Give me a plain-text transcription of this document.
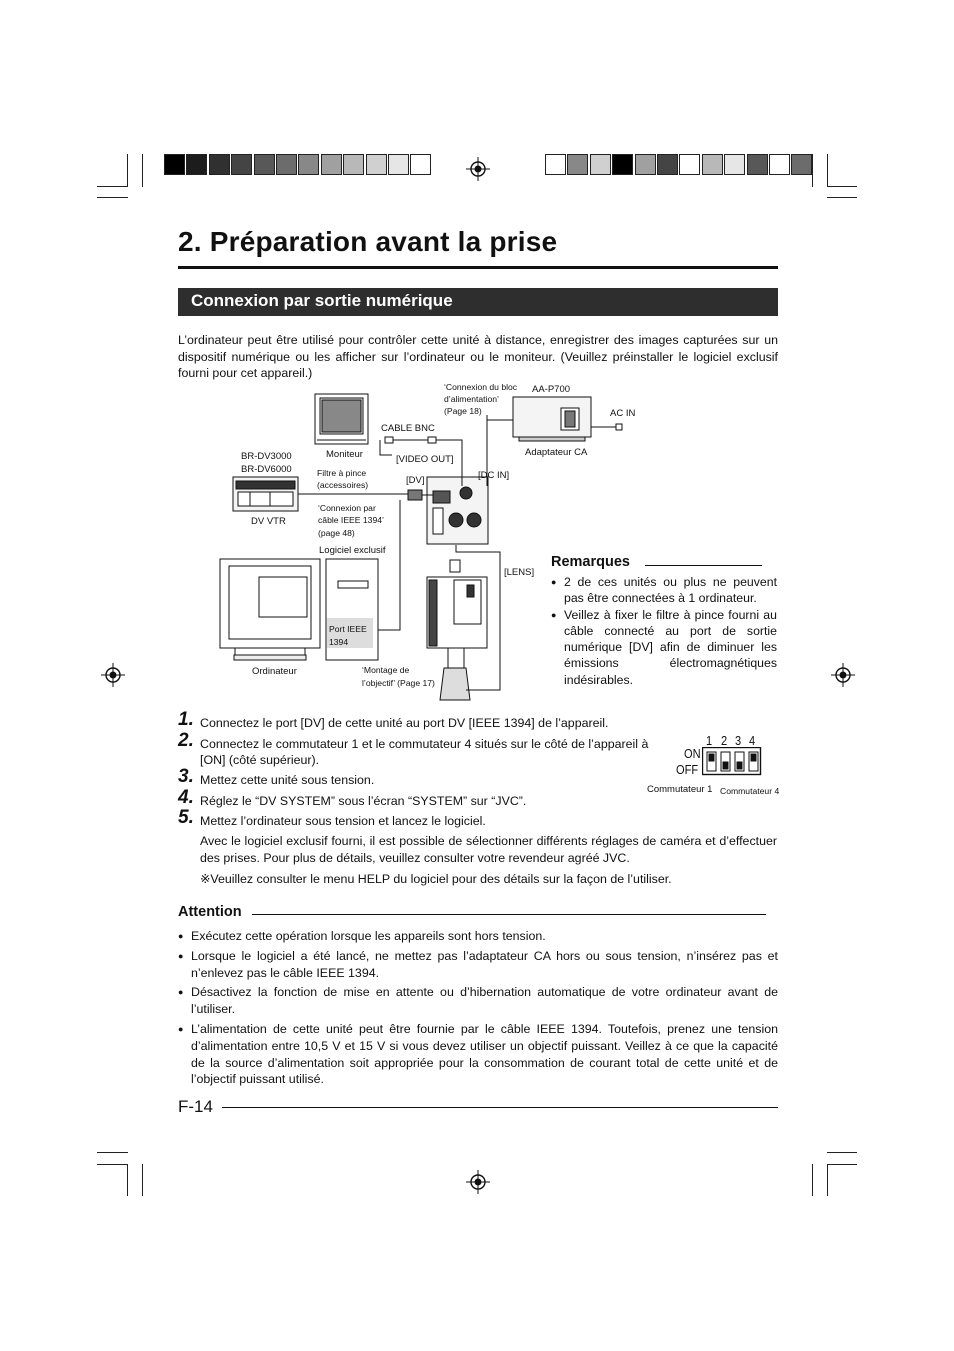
2. Préparation avant la prise
Connexion par sortie numérique

L’ordinateur peut être utilisé pour contrôler cette unité à distance, enregistrer des images capturées sur un dispositif numérique ou les afficher sur l’ordinateur ou le moniteur. (Veuillez préinstaller le logiciel exclusif fourni pour cet appareil.)

‘Connexion du bloc
d’alimentation’
(Page 18)
AA-P700
AC IN
CABLE BNC
Moniteur	[VIDEO OUT]
Adaptateur CA
BR-DV3000
BR-DV6000	Filtre à pince
(accessoires)	[DV]	[DC IN]
‘Connexion par
câble IEEE 1394’
(page 48)
DV VTR
Logiciel exclusif
[LENS]
Port IEEE
1394
Ordinateur	‘Montage de
l’objectif’ (Page 17)
Remarques
● 2 de ces unités ou plus ne peuvent pas être connectées à 1 ordinateur.
● Veillez à fixer le filtre à pince fourni au câble connecté au port de sortie numérique [DV] afin de diminuer les émissions électromagnétiques indésirables.
1. Connectez le port [DV] de cette unité au port DV [IEEE 1394] de l’appareil.
2. Connectez le commutateur 1 et le commutateur 4 situés sur le côté de l’appareil à [ON] (côté supérieur).
3. Mettez cette unité sous tension.
4. Réglez le “DV SYSTEM” sous l’écran “SYSTEM” sur “JVC”.
5. Mettez l’ordinateur sous tension et lancez le logiciel.
Avec le logiciel exclusif fourni, il est possible de sélectionner différents réglages de caméra et d’effectuer des prises. Pour plus de détails, veuillez consulter votre revendeur agréé JVC.
※Veuillez consulter le menu HELP du logiciel pour des détails sur la façon de l’utiliser.
1 2 3 4
ON
OFF
Commutateur 1 Commutateur 4
Attention
● Exécutez cette opération lorsque les appareils sont hors tension.
● Lorsque le logiciel a été lancé, ne mettez pas l’adaptateur CA hors ou sous tension, n’insérez pas et n’enlevez pas le câble IEEE 1394.
● Désactivez la fonction de mise en attente ou d’hibernation automatique de votre ordinateur avant de l’utiliser.
● L’alimentation de cette unité peut être fournie par le câble IEEE 1394. Toutefois, prenez une tension d’alimentation entre 10,5 V et 15 V si vous devez utiliser un objectif puissant. Veillez à ce que la capacité de la source d’alimentation soit appropriée pour la consommation de courant total de cette unité et de l’objectif puissant utilisé.
F-14
